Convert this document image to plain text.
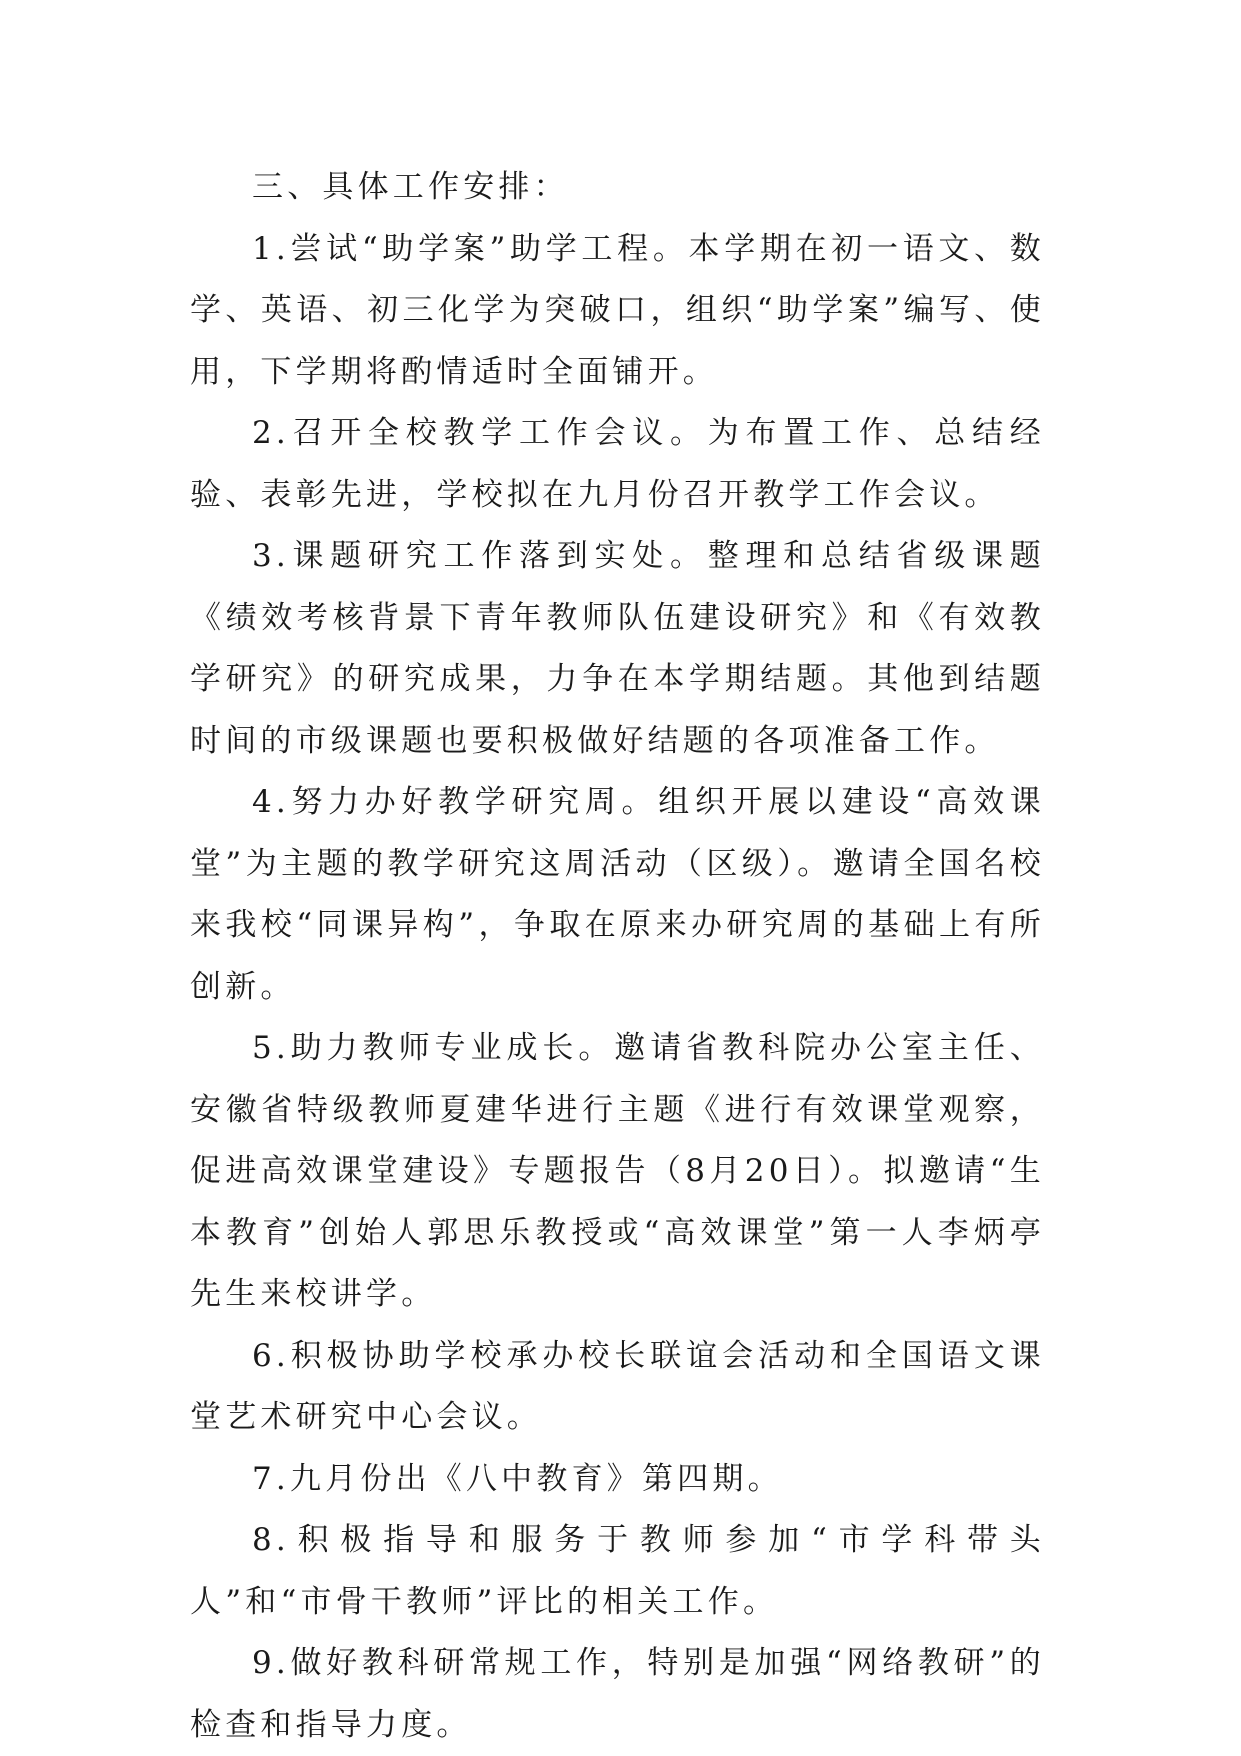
三、具体工作安排：

1.尝试“助学案”助学工程。本学期在初一语文、数学、英语、初三化学为突破口，组织“助学案”编写、使用，下学期将酌情适时全面铺开。

2.召开全校教学工作会议。为布置工作、总结经验、表彰先进，学校拟在九月份召开教学工作会议。

3.课题研究工作落到实处。整理和总结省级课题《绩效考核背景下青年教师队伍建设研究》和《有效教学研究》的研究成果，力争在本学期结题。其他到结题时间的市级课题也要积极做好结题的各项准备工作。

4.努力办好教学研究周。组织开展以建设“高效课堂”为主题的教学研究这周活动（区级）。邀请全国名校来我校“同课异构”，争取在原来办研究周的基础上有所创新。

5.助力教师专业成长。邀请省教科院办公室主任、安徽省特级教师夏建华进行主题《进行有效课堂观察，促进高效课堂建设》专题报告（8月20日）。拟邀请“生本教育”创始人郭思乐教授或“高效课堂”第一人李炳亭先生来校讲学。

6.积极协助学校承办校长联谊会活动和全国语文课堂艺术研究中心会议。

7.九月份出《八中教育》第四期。

8.积极指导和服务于教师参加“市学科带头人”和“市骨干教师”评比的相关工作。

9.做好教科研常规工作，特别是加强“网络教研”的检查和指导力度。
